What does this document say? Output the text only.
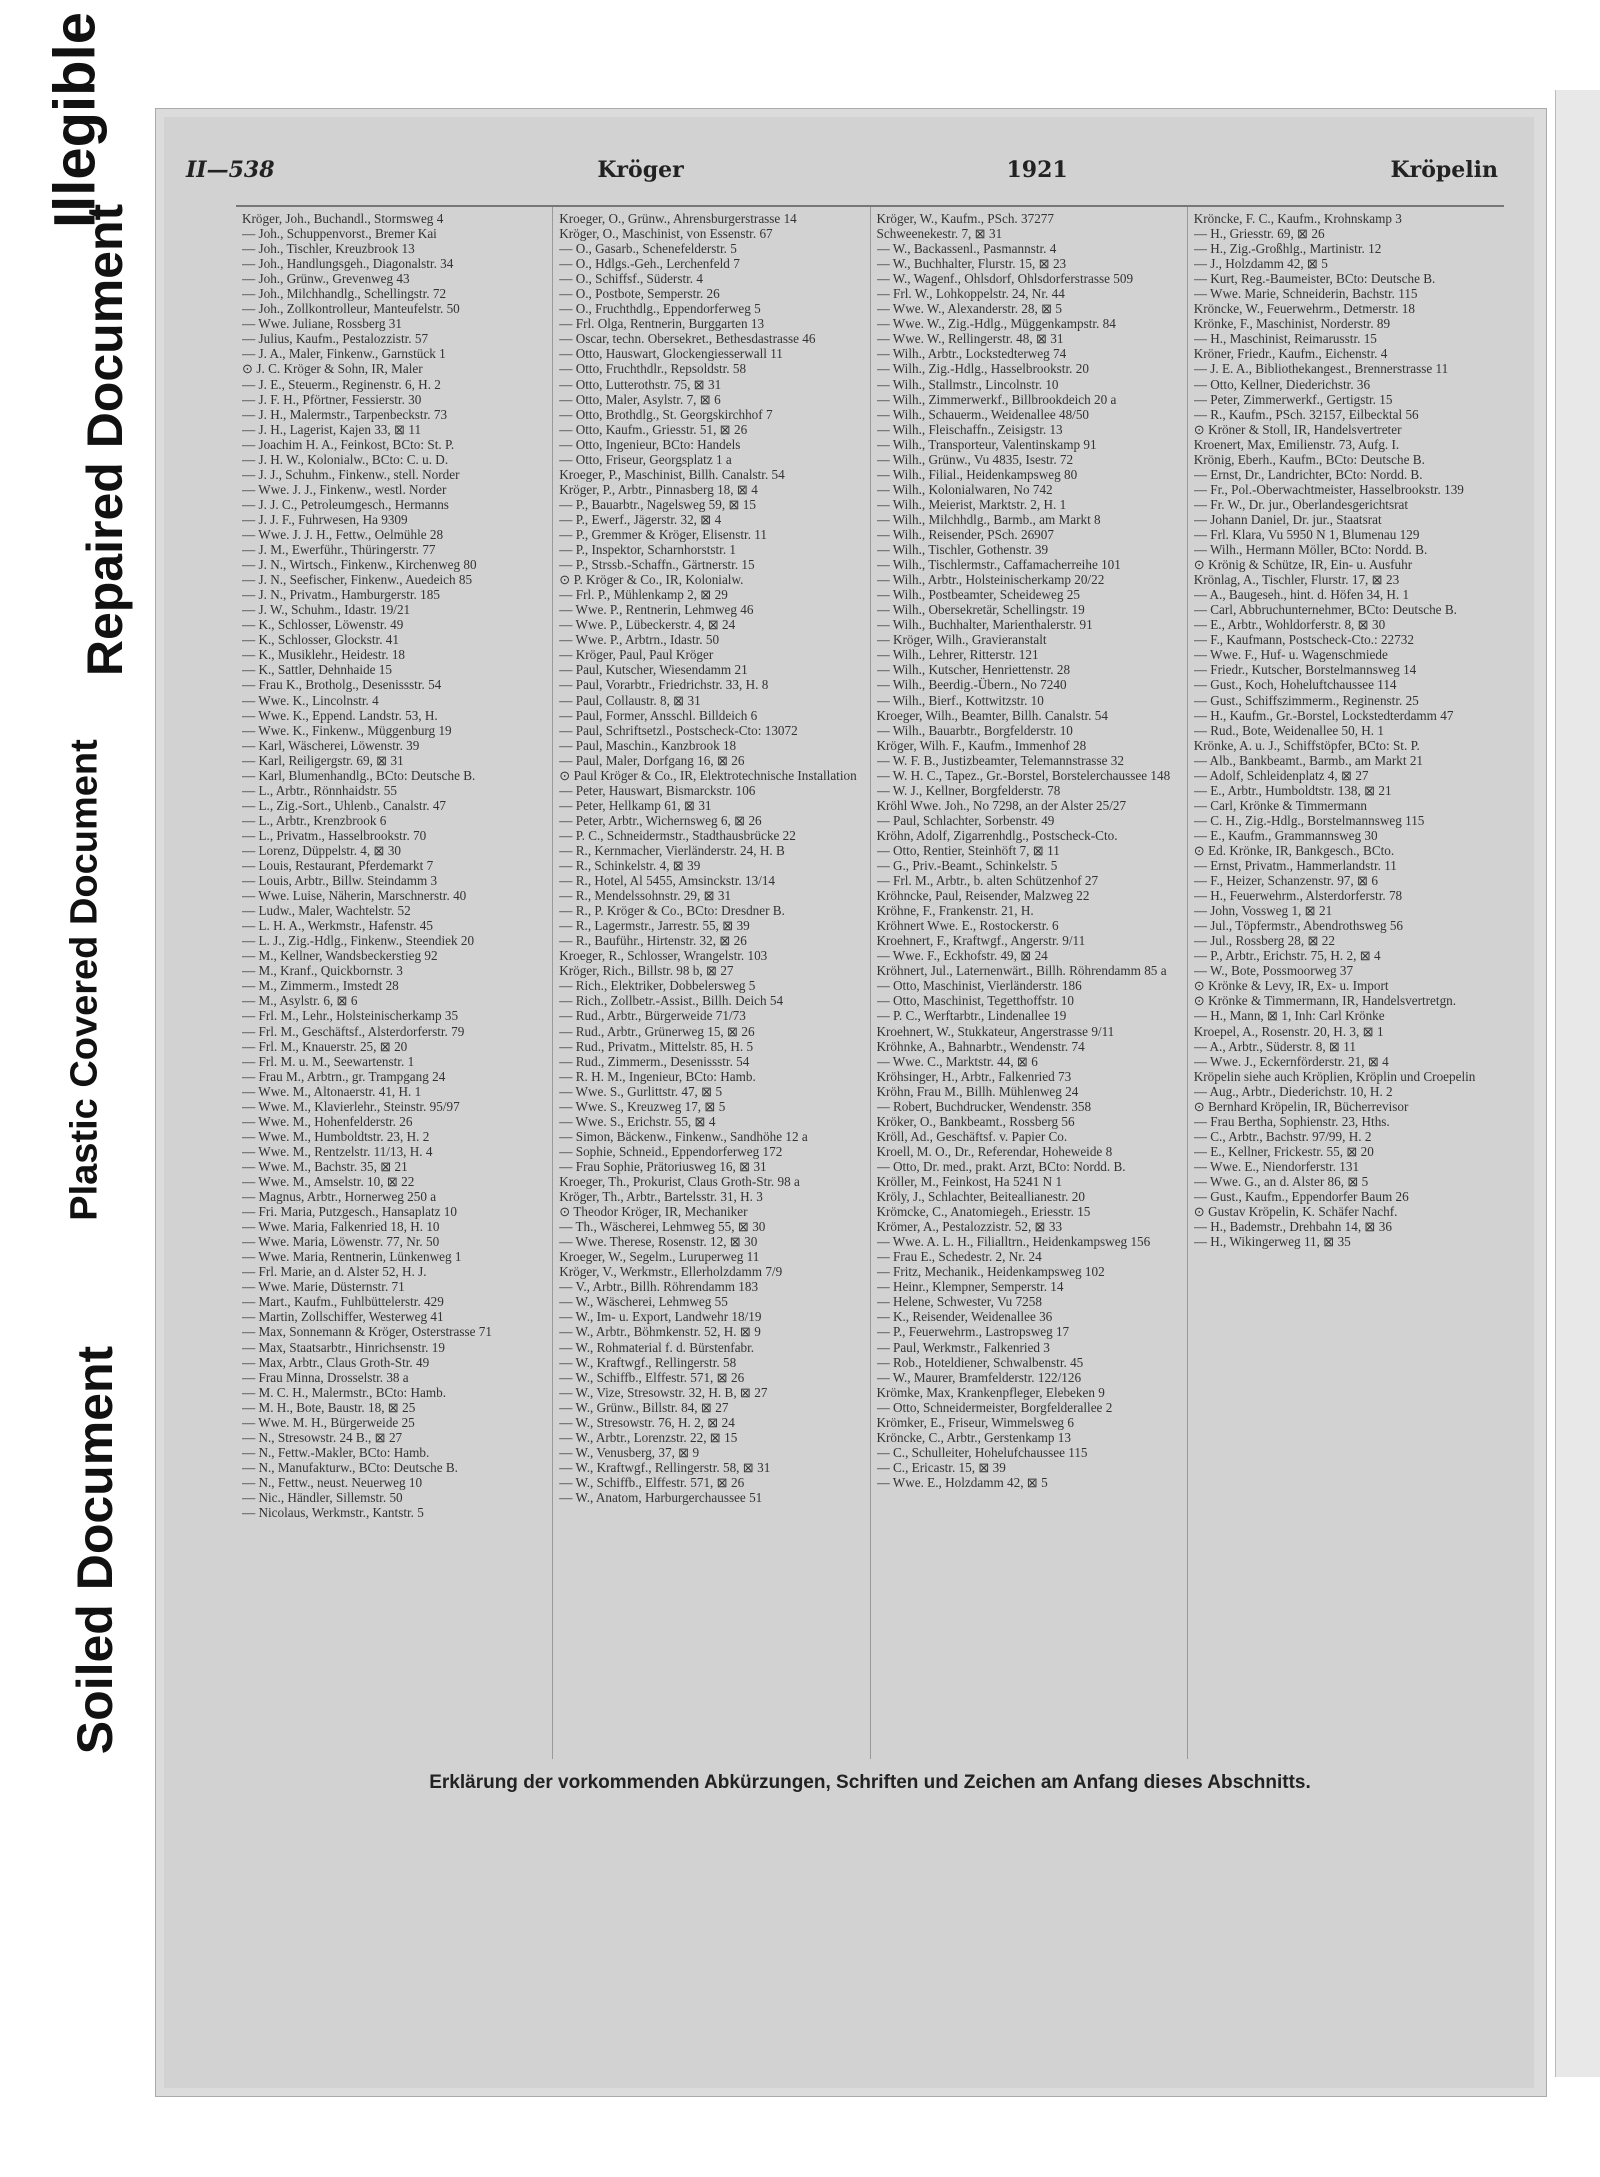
Illegible
Repaired Document
Plastic Covered Document
Soiled Document
II—538	Kröger	1921	Kröpelin
Kröger, Joh., Buchandl., Stormsweg 4
— Joh., Schuppenvorst., Bremer Kai
— Joh., Tischler, Kreuzbrook 13
— Joh., Handlungsgeh., Diagonalstr. 34
— Joh., Grünw., Grevenweg 43
— Joh., Milchhandlg., Schellingstr. 72
— Joh., Zollkontrolleur, Manteufelstr. 50
— Wwe. Juliane, Rossberg 31
— Julius, Kaufm., Pestalozzistr. 57
— J. A., Maler, Finkenw., Garnstück 1
⊙ J. C. Kröger & Sohn, IR, Maler
— J. E., Steuerm., Reginenstr. 6, H. 2
— J. F. H., Pförtner, Fessierstr. 30
— J. H., Malermstr., Tarpenbeckstr. 73
— J. H., Lagerist, Kajen 33, ⊠ 11
— Joachim H. A., Feinkost, BCto: St. P.
— J. H. W., Kolonialw., BCto: C. u. D.
— J. J., Schuhm., Finkenw., stell. Norder
— Wwe. J. J., Finkenw., westl. Norder
— J. J. C., Petroleumgesch., Hermanns
— J. J. F., Fuhrwesen, Ha 9309
— Wwe. J. J. H., Fettw., Oelmühle 28
— J. M., Ewerführ., Thüringerstr. 77
— J. N., Wirtsch., Finkenw., Kirchenweg 80
— J. N., Seefischer, Finkenw., Auedeich 85
— J. N., Privatm., Hamburgerstr. 185
— J. W., Schuhm., Idastr. 19/21
— K., Schlosser, Löwenstr. 49
— K., Schlosser, Glockstr. 41
— K., Musiklehr., Heidestr. 18
— K., Sattler, Dehnhaide 15
— Frau K., Brotholg., Desenissstr. 54
— Wwe. K., Lincolnstr. 4
— Wwe. K., Eppend. Landstr. 53, H.
— Wwe. K., Finkenw., Müggenburg 19
— Karl, Wäscherei, Löwenstr. 39
— Karl, Reiligergstr. 69, ⊠ 31
— Karl, Blumenhandlg., BCto: Deutsche B.
— L., Arbtr., Rönnhaidstr. 55
— L., Zig.-Sort., Uhlenb., Canalstr. 47
— L., Arbtr., Krenzbrook 6
— L., Privatm., Hasselbrookstr. 70
— Lorenz, Düppelstr. 4, ⊠ 30
— Louis, Restaurant, Pferdemarkt 7
— Louis, Arbtr., Billw. Steindamm 3
— Wwe. Luise, Näherin, Marschnerstr. 40
— Ludw., Maler, Wachtelstr. 52
— L. H. A., Werkmstr., Hafenstr. 45
— L. J., Zig.-Hdlg., Finkenw., Steendiek 20
— M., Kellner, Wandsbeckerstieg 92
— M., Kranf., Quickbornstr. 3
— M., Zimmerm., Imstedt 28
— M., Asylstr. 6, ⊠ 6
— Frl. M., Lehr., Holsteinischerkamp 35
— Frl. M., Geschäftsf., Alsterdorferstr. 79
— Frl. M., Knauerstr. 25, ⊠ 20
— Frl. M. u. M., Seewartenstr. 1
— Frau M., Arbtrn., gr. Trampgang 24
— Wwe. M., Altonaerstr. 41, H. 1
— Wwe. M., Klavierlehr., Steinstr. 95/97
— Wwe. M., Hohenfelderstr. 26
— Wwe. M., Humboldtstr. 23, H. 2
— Wwe. M., Rentzelstr. 11/13, H. 4
— Wwe. M., Bachstr. 35, ⊠ 21
— Wwe. M., Amselstr. 10, ⊠ 22
— Magnus, Arbtr., Hornerweg 250 a
— Fri. Maria, Putzgesch., Hansaplatz 10
— Wwe. Maria, Falkenried 18, H. 10
— Wwe. Maria, Löwenstr. 77, Nr. 50
— Wwe. Maria, Rentnerin, Lünkenweg 1
— Frl. Marie, an d. Alster 52, H. J.
— Wwe. Marie, Düsternstr. 71
— Mart., Kaufm., Fuhlbüttelerstr. 429
— Martin, Zollschiffer, Westerweg 41
— Max, Sonnemann & Kröger, Osterstrasse 71
— Max, Staatsarbtr., Hinrichsenstr. 19
— Max, Arbtr., Claus Groth-Str. 49
— Frau Minna, Drosselstr. 38 a
— M. C. H., Malermstr., BCto: Hamb.
— M. H., Bote, Baustr. 18, ⊠ 25
— Wwe. M. H., Bürgerweide 25
— N., Stresowstr. 24 B., ⊠ 27
— N., Fettw.-Makler, BCto: Hamb.
— N., Manufakturw., BCto: Deutsche B.
— N., Fettw., neust. Neuerweg 10
— Nic., Händler, Sillemstr. 50
— Nicolaus, Werkmstr., Kantstr. 5
Kroeger, O., Grünw., Ahrensburgerstrasse 14
Kröger, O., Maschinist, von Essenstr. 67
— O., Gasarb., Schenefelderstr. 5
— O., Hdlgs.-Geh., Lerchenfeld 7
— O., Schiffsf., Süderstr. 4
— O., Postbote, Semperstr. 26
— O., Fruchthdlg., Eppendorferweg 5
— Frl. Olga, Rentnerin, Burggarten 13
— Oscar, techn. Obersekret., Bethesdastrasse 46
— Otto, Hauswart, Glockengiesserwall 11
— Otto, Fruchthdlr., Repsoldstr. 58
— Otto, Lutterothstr. 75, ⊠ 31
— Otto, Maler, Asylstr. 7, ⊠ 6
— Otto, Brothdlg., St. Georgskirchhof 7
— Otto, Kaufm., Griesstr. 51, ⊠ 26
— Otto, Ingenieur, BCto: Handels
— Otto, Friseur, Georgsplatz 1 a
Kroeger, P., Maschinist, Billh. Canalstr. 54
Kröger, P., Arbtr., Pinnasberg 18, ⊠ 4
— P., Bauarbtr., Nagelsweg 59, ⊠ 15
— P., Ewerf., Jägerstr. 32, ⊠ 4
— P., Gremmer & Kröger, Elisenstr. 11
— P., Inspektor, Scharnhorststr. 1
— P., Strssb.-Schaffn., Gärtnerstr. 15
⊙ P. Kröger & Co., IR, Kolonialw.
— Frl. P., Mühlenkamp 2, ⊠ 29
— Wwe. P., Rentnerin, Lehmweg 46
— Wwe. P., Lübeckerstr. 4, ⊠ 24
— Wwe. P., Arbtrn., Idastr. 50
— Kröger, Paul, Paul Kröger
— Paul, Kutscher, Wiesendamm 21
— Paul, Vorarbtr., Friedrichstr. 33, H. 8
— Paul, Collaustr. 8, ⊠ 31
— Paul, Former, Ansschl. Billdeich 6
— Paul, Schriftsetzl., Postscheck-Cto: 13072
— Paul, Maschin., Kanzbrook 18
— Paul, Maler, Dorfgang 16, ⊠ 26
⊙ Paul Kröger & Co., IR, Elektrotechnische Installation
— Peter, Hauswart, Bismarckstr. 106
— Peter, Hellkamp 61, ⊠ 31
— Peter, Arbtr., Wichernsweg 6, ⊠ 26
— P. C., Schneidermstr., Stadthausbrücke 22
— R., Kernmacher, Vierländerstr. 24, H. B
— R., Schinkelstr. 4, ⊠ 39
— R., Hotel, Al 5455, Amsinckstr. 13/14
— R., Mendelssohnstr. 29, ⊠ 31
— R., P. Kröger & Co., BCto: Dresdner B.
— R., Lagermstr., Jarrestr. 55, ⊠ 39
— R., Bauführ., Hirtenstr. 32, ⊠ 26
Kroeger, R., Schlosser, Wrangelstr. 103
Kröger, Rich., Billstr. 98 b, ⊠ 27
— Rich., Elektriker, Dobbelersweg 5
— Rich., Zollbetr.-Assist., Billh. Deich 54
— Rud., Arbtr., Bürgerweide 71/73
— Rud., Arbtr., Grünerweg 15, ⊠ 26
— Rud., Privatm., Mittelstr. 85, H. 5
— Rud., Zimmerm., Desenissstr. 54
— R. H. M., Ingenieur, BCto: Hamb.
— Wwe. S., Gurlittstr. 47, ⊠ 5
— Wwe. S., Kreuzweg 17, ⊠ 5
— Wwe. S., Erichstr. 55, ⊠ 4
— Simon, Bäckenw., Finkenw., Sandhöhe 12 a
— Sophie, Schneid., Eppendorferweg 172
— Frau Sophie, Prätoriusweg 16, ⊠ 31
Kroeger, Th., Prokurist, Claus Groth-Str. 98 a
Kröger, Th., Arbtr., Bartelsstr. 31, H. 3
⊙ Theodor Kröger, IR, Mechaniker
— Th., Wäscherei, Lehmweg 55, ⊠ 30
— Wwe. Therese, Rosenstr. 12, ⊠ 30
Kroeger, W., Segelm., Luruperweg 11
Kröger, V., Werkmstr., Ellerholzdamm 7/9
— V., Arbtr., Billh. Röhrendamm 183
— W., Wäscherei, Lehmweg 55
— W., Im- u. Export, Landwehr 18/19
— W., Arbtr., Böhmkenstr. 52, H. ⊠ 9
— W., Rohmaterial f. d. Bürstenfabr.
— W., Kraftwgf., Rellingerstr. 58
— W., Schiffb., Elffestr. 571, ⊠ 26
— W., Vize, Stresowstr. 32, H. B, ⊠ 27
— W., Grünw., Billstr. 84, ⊠ 27
— W., Stresowstr. 76, H. 2, ⊠ 24
— W., Arbtr., Lorenzstr. 22, ⊠ 15
— W., Venusberg, 37, ⊠ 9
— W., Kraftwgf., Rellingerstr. 58, ⊠ 31
— W., Schiffb., Elffestr. 571, ⊠ 26
— W., Anatom, Harburgerchaussee 51
Kröger, W., Kaufm., PSch. 37277
Schweenekestr. 7, ⊠ 31
— W., Backassenl., Pasmannstr. 4
— W., Buchhalter, Flurstr. 15, ⊠ 23
— W., Wagenf., Ohlsdorf, Ohlsdorferstrasse 509
— Frl. W., Lohkoppelstr. 24, Nr. 44
— Wwe. W., Alexanderstr. 28, ⊠ 5
— Wwe. W., Zig.-Hdlg., Müggenkampstr. 84
— Wwe. W., Rellingerstr. 48, ⊠ 31
— Wilh., Arbtr., Lockstedterweg 74
— Wilh., Zig.-Hdlg., Hasselbrookstr. 20
— Wilh., Stallmstr., Lincolnstr. 10
— Wilh., Zimmerwerkf., Billbrookdeich 20 a
— Wilh., Schauerm., Weidenallee 48/50
— Wilh., Fleischaffn., Zeisigstr. 13
— Wilh., Transporteur, Valentinskamp 91
— Wilh., Grünw., Vu 4835, Isestr. 72
— Wilh., Filial., Heidenkampsweg 80
— Wilh., Kolonialwaren, No 742
— Wilh., Meierist, Marktstr. 2, H. 1
— Wilh., Milchhdlg., Barmb., am Markt 8
— Wilh., Reisender, PSch. 26907
— Wilh., Tischler, Gothenstr. 39
— Wilh., Tischlermstr., Caffamacherreihe 101
— Wilh., Arbtr., Holsteinischerkamp 20/22
— Wilh., Postbeamter, Scheideweg 25
— Wilh., Obersekretär, Schellingstr. 19
— Wilh., Buchhalter, Marienthalerstr. 91
— Kröger, Wilh., Gravieranstalt
— Wilh., Lehrer, Ritterstr. 121
— Wilh., Kutscher, Henriettenstr. 28
— Wilh., Beerdig.-Übern., No 7240
— Wilh., Bierf., Kottwitzstr. 10
Kroeger, Wilh., Beamter, Billh. Canalstr. 54
— Wilh., Bauarbtr., Borgfelderstr. 10
Kröger, Wilh. F., Kaufm., Immenhof 28
— W. F. B., Justizbeamter, Telemannstrasse 32
— W. H. C., Tapez., Gr.-Borstel, Borstelerchaussee 148
— W. J., Kellner, Borgfelderstr. 78
Kröhl Wwe. Joh., No 7298, an der Alster 25/27
— Paul, Schlachter, Sorbenstr. 49
Kröhn, Adolf, Zigarrenhdlg., Postscheck-Cto.
— Otto, Rentier, Steinhöft 7, ⊠ 11
— G., Priv.-Beamt., Schinkelstr. 5
— Frl. M., Arbtr., b. alten Schützenhof 27
Kröhncke, Paul, Reisender, Malzweg 22
Kröhne, F., Frankenstr. 21, H.
Kröhnert Wwe. E., Rostockerstr. 6
Kroehnert, F., Kraftwgf., Angerstr. 9/11
— Wwe. F., Eckhofstr. 49, ⊠ 24
Kröhnert, Jul., Laternenwärt., Billh. Röhrendamm 85 a
— Otto, Maschinist, Vierländerstr. 186
— Otto, Maschinist, Tegetthoffstr. 10
— P. C., Werftarbtr., Lindenallee 19
Kroehnert, W., Stukkateur, Angerstrasse 9/11
Kröhnke, A., Bahnarbtr., Wendenstr. 74
— Wwe. C., Marktstr. 44, ⊠ 6
Kröhsinger, H., Arbtr., Falkenried 73
Kröhn, Frau M., Billh. Mühlenweg 24
— Robert, Buchdrucker, Wendenstr. 358
Kröker, O., Bankbeamt., Rossberg 56
Kröll, Ad., Geschäftsf. v. Papier Co.
Kroell, M. O., Dr., Referendar, Hoheweide 8
— Otto, Dr. med., prakt. Arzt, BCto: Nordd. B.
Kröller, M., Feinkost, Ha 5241 N 1
Kröly, J., Schlachter, Beiteallianestr. 20
Krömcke, C., Anatomiegeh., Eriesstr. 15
Krömer, A., Pestalozzistr. 52, ⊠ 33
— Wwe. A. L. H., Filialltrn., Heidenkampsweg 156
— Frau E., Schedestr. 2, Nr. 24
— Fritz, Mechanik., Heidenkampsweg 102
— Heinr., Klempner, Semperstr. 14
— Helene, Schwester, Vu 7258
— K., Reisender, Weidenallee 36
— P., Feuerwehrm., Lastropsweg 17
— Paul, Werkmstr., Falkenried 3
— Rob., Hoteldiener, Schwalbenstr. 45
— W., Maurer, Bramfelderstr. 122/126
Krömke, Max, Krankenpfleger, Elebeken 9
— Otto, Schneidermeister, Borgfelderallee 2
Krömker, E., Friseur, Wimmelsweg 6
Kröncke, C., Arbtr., Gerstenkamp 13
— C., Schulleiter, Hohelufchaussee 115
— C., Ericastr. 15, ⊠ 39
— Wwe. E., Holzdamm 42, ⊠ 5
Kröncke, F. C., Kaufm., Krohnskamp 3
— H., Griesstr. 69, ⊠ 26
— H., Zig.-Großhlg., Martinistr. 12
— J., Holzdamm 42, ⊠ 5
— Kurt, Reg.-Baumeister, BCto: Deutsche B.
— Wwe. Marie, Schneiderin, Bachstr. 115
Kröncke, W., Feuerwehrm., Detmerstr. 18
Krönke, F., Maschinist, Norderstr. 89
— H., Maschinist, Reimarusstr. 15
Kröner, Friedr., Kaufm., Eichenstr. 4
— J. E. A., Bibliothekangest., Brennerstrasse 11
— Otto, Kellner, Diederichstr. 36
— Peter, Zimmerwerkf., Gertigstr. 15
— R., Kaufm., PSch. 32157, Eilbecktal 56
⊙ Kröner & Stoll, IR, Handelsvertreter
Kroenert, Max, Emilienstr. 73, Aufg. I.
Krönig, Eberh., Kaufm., BCto: Deutsche B.
— Ernst, Dr., Landrichter, BCto: Nordd. B.
— Fr., Pol.-Oberwachtmeister, Hasselbrookstr. 139
— Fr. W., Dr. jur., Oberlandesgerichtsrat
— Johann Daniel, Dr. jur., Staatsrat
— Frl. Klara, Vu 5950 N 1, Blumenau 129
— Wilh., Hermann Möller, BCto: Nordd. B.
⊙ Krönig & Schütze, IR, Ein- u. Ausfuhr
Krönlag, A., Tischler, Flurstr. 17, ⊠ 23
— A., Baugeseh., hint. d. Höfen 34, H. 1
— Carl, Abbruchunternehmer, BCto: Deutsche B.
— E., Arbtr., Wohldorferstr. 8, ⊠ 30
— F., Kaufmann, Postscheck-Cto.: 22732
— Wwe. F., Huf- u. Wagenschmiede
— Friedr., Kutscher, Borstelmannsweg 14
— Gust., Koch, Hoheluftchaussee 114
— Gust., Schiffszimmerm., Reginenstr. 25
— H., Kaufm., Gr.-Borstel, Lockstedterdamm 47
— Rud., Bote, Weidenallee 50, H. 1
Krönke, A. u. J., Schiffstöpfer, BCto: St. P.
— Alb., Bankbeamt., Barmb., am Markt 21
— Adolf, Schleidenplatz 4, ⊠ 27
— E., Arbtr., Humboldtstr. 138, ⊠ 21
— Carl, Krönke & Timmermann
— C. H., Zig.-Hdlg., Borstelmannsweg 115
— E., Kaufm., Grammannsweg 30
⊙ Ed. Krönke, IR, Bankgesch., BCto.
— Ernst, Privatm., Hammerlandstr. 11
— F., Heizer, Schanzenstr. 97, ⊠ 6
— H., Feuerwehrm., Alsterdorferstr. 78
— John, Vossweg 1, ⊠ 21
— Jul., Töpfermstr., Abendrothsweg 56
— Jul., Rossberg 28, ⊠ 22
— P., Arbtr., Erichstr. 75, H. 2, ⊠ 4
— W., Bote, Possmoorweg 37
⊙ Krönke & Levy, IR, Ex- u. Import
⊙ Krönke & Timmermann, IR, Handelsvertretgn.
— H., Mann, ⊠ 1, Inh: Carl Krönke
Kroepel, A., Rosenstr. 20, H. 3, ⊠ 1
— A., Arbtr., Süderstr. 8, ⊠ 11
— Wwe. J., Eckernförderstr. 21, ⊠ 4
Kröpelin siehe auch Kröplien, Kröplin und Croepelin
— Aug., Arbtr., Diederichstr. 10, H. 2
⊙ Bernhard Kröpelin, IR, Bücherrevisor
— Frau Bertha, Sophienstr. 23, Hths.
— C., Arbtr., Bachstr. 97/99, H. 2
— E., Kellner, Frickestr. 55, ⊠ 20
— Wwe. E., Niendorferstr. 131
— Wwe. G., an d. Alster 86, ⊠ 5
— Gust., Kaufm., Eppendorfer Baum 26
⊙ Gustav Kröpelin, K. Schäfer Nachf.
— H., Bademstr., Drehbahn 14, ⊠ 36
— H., Wikingerweg 11, ⊠ 35
Erklärung der vorkommenden Abkürzungen, Schriften und Zeichen am Anfang dieses Abschnitts.
